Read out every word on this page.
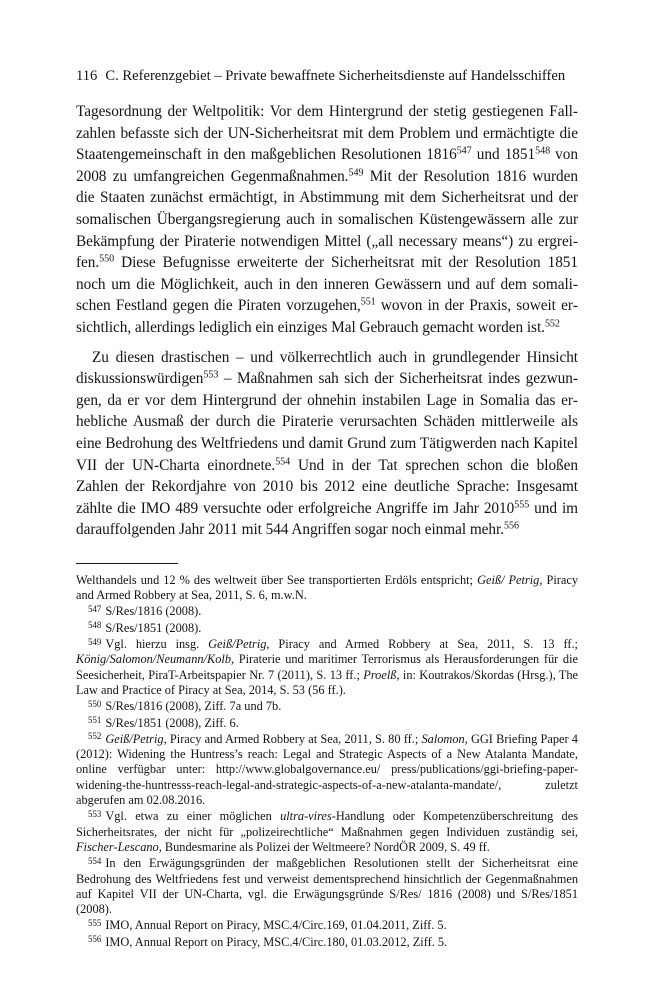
116 C. Referenzgebiet – Private bewaffnete Sicherheitsdienste auf Handelsschiffen

Tagesordnung der Weltpolitik: Vor dem Hintergrund der stetig gestiegenen Fallzahlen befasste sich der UN-Sicherheitsrat mit dem Problem und ermächtigte die Staatengemeinschaft in den maßgeblichen Resolutionen 1816$^{547}$ und 1851$^{548}$ von 2008 zu umfangreichen Gegenmaßnahmen.$^{549}$ Mit der Resolution 1816 wurden die Staaten zunächst ermächtigt, in Abstimmung mit dem Sicherheitsrat und der somalischen Übergangsregierung auch in somalischen Küstengewässern alle zur Bekämpfung der Piraterie notwendigen Mittel („all necessary means“) zu ergreifen.$^{550}$ Diese Befugnisse erweiterte der Sicherheitsrat mit der Resolution 1851 noch um die Möglichkeit, auch in den inneren Gewässern und auf dem somalischen Festland gegen die Piraten vorzugehen,$^{551}$ wovon in der Praxis, soweit ersichtlich, allerdings lediglich ein einziges Mal Gebrauch gemacht worden ist.$^{552}$

Zu diesen drastischen – und völkerrechtlich auch in grundlegender Hinsicht diskussionswürdigen$^{553}$ – Maßnahmen sah sich der Sicherheitsrat indes gezwungen, da er vor dem Hintergrund der ohnehin instabilen Lage in Somalia das erhebliche Ausmaß der durch die Piraterie verursachten Schäden mittlerweile als eine Bedrohung des Weltfriedens und damit Grund zum Tätigwerden nach Kapitel VII der UN-Charta einordnete.$^{554}$ Und in der Tat sprechen schon die bloßen Zahlen der Rekordjahre von 2010 bis 2012 eine deutliche Sprache: Insgesamt zählte die IMO 489 versuchte oder erfolgreiche Angriffe im Jahr 2010$^{555}$ und im darauffolgenden Jahr 2011 mit 544 Angriffen sogar noch einmal mehr.$^{556}$

Welthandels und 12 % des weltweit über See transportierten Erdöls entspricht; Geiß/ Petrig, Piracy and Armed Robbery at Sea, 2011, S. 6, m.w.N.

$^{547}$ S/Res/1816 (2008).

$^{548}$ S/Res/1851 (2008).

$^{549}$ Vgl. hierzu insg. Geiß/Petrig, Piracy and Armed Robbery at Sea, 2011, S. 13 ff.; König/Salomon/Neumann/Kolb, Piraterie und maritimer Terrorismus als Herausforderungen für die Seesicherheit, PiraT-Arbeitspapier Nr. 7 (2011), S. 13 ff.; Proelß, in: Koutrakos/Skordas (Hrsg.), The Law and Practice of Piracy at Sea, 2014, S. 53 (56 ff.).

$^{550}$ S/Res/1816 (2008), Ziff. 7a und 7b.

$^{551}$ S/Res/1851 (2008), Ziff. 6.

$^{552}$ Geiß/Petrig, Piracy and Armed Robbery at Sea, 2011, S. 80 ff.; Salomon, GGI Briefing Paper 4 (2012): Widening the Huntress’s reach: Legal and Strategic Aspects of a New Atalanta Mandate, online verfügbar unter: http://www.globalgovernance.eu/ press/publications/ggi-briefing-paper-widening-the-huntresss-reach-legal-and-strategic-aspects-of-a-new-atalanta-mandate/, zuletzt abgerufen am 02.08.2016.

$^{553}$ Vgl. etwa zu einer möglichen ultra-vires-Handlung oder Kompetenzüberschreitung des Sicherheitsrates, der nicht für „polizeirechtliche“ Maßnahmen gegen Individuen zuständig sei, Fischer-Lescano, Bundesmarine als Polizei der Weltmeere? NordÖR 2009, S. 49 ff.

$^{554}$ In den Erwägungsgründen der maßgeblichen Resolutionen stellt der Sicherheitsrat eine Bedrohung des Weltfriedens fest und verweist dementsprechend hinsichtlich der Gegenmaßnahmen auf Kapitel VII der UN-Charta, vgl. die Erwägungsgründe S/Res/ 1816 (2008) und S/Res/1851 (2008).

$^{555}$ IMO, Annual Report on Piracy, MSC.4/Circ.169, 01.04.2011, Ziff. 5.

$^{556}$ IMO, Annual Report on Piracy, MSC.4/Circ.180, 01.03.2012, Ziff. 5.
